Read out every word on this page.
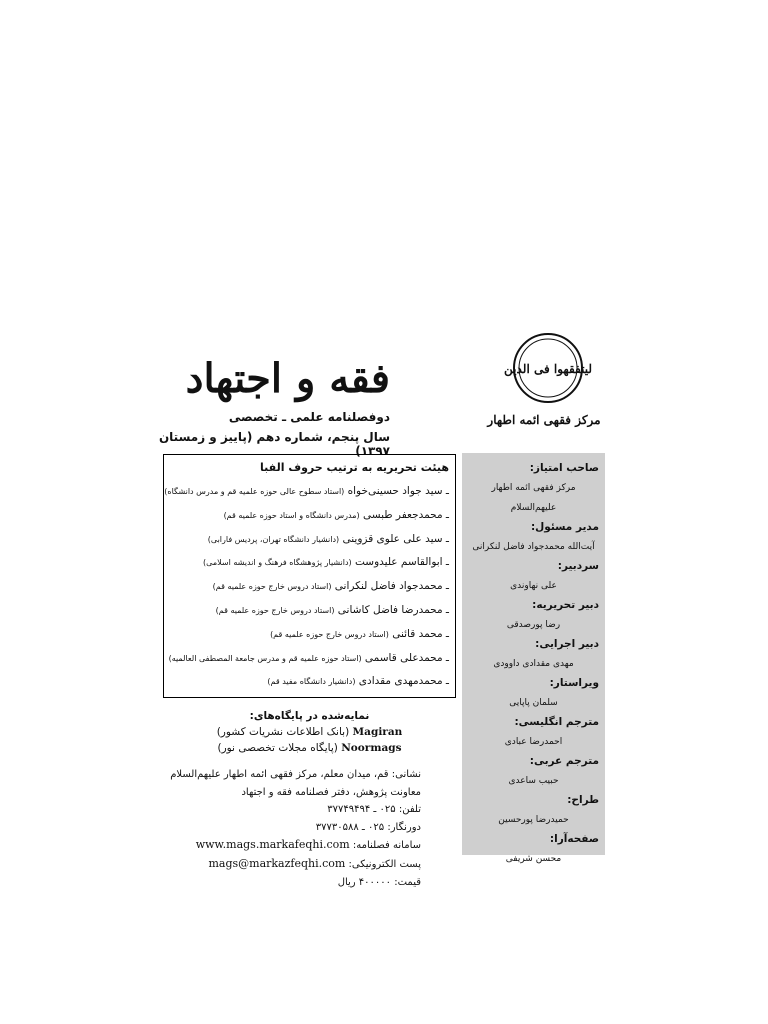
لیتفقهوا فی الدین
مرکز فقهی ائمه اطهار
فقه و اجتهاد
دوفصلنامه علمی ـ تخصصی
سال پنجم، شماره دهم (پاییز و زمستان ۱۳۹۷)
هیئت تحریریه به ترتیب حروف الفبا
ـ سید جواد حسینی‌خواه (استاد سطوح عالی حوزه علمیه قم و مدرس دانشگاه)
ـ محمدجعفر طبسی (مدرس دانشگاه و استاد حوزه علمیه قم)
ـ سید علی علوی قزوینی (دانشیار دانشگاه تهران، پردیس فارابی)
ـ ابوالقاسم علیدوست (دانشیار پژوهشگاه فرهنگ و اندیشه اسلامی)
ـ محمدجواد فاضل لنکرانی (استاد دروس خارج حوزه علمیه قم)
ـ محمدرضا فاضل کاشانی (استاد دروس خارج حوزه علمیه قم)
ـ محمد قائنی (استاد دروس خارج حوزه علمیه قم)
ـ محمدعلی قاسمی (استاد حوزه علمیه قم و مدرس جامعة المصطفی العالمیه)
ـ محمدمهدی مقدادی (دانشیار دانشگاه مفید قم)
صاحب امتیاز:
مرکز فقهی ائمه اطهار علیهم‌السلام
مدیر مسئول:
آیت‌الله محمدجواد فاضل لنکرانی
سردبیر:
علی نهاوندی
دبیر تحریریه:
رضا پورصدقی
دبیر اجرایی:
مهدی مقدادی داوودی
ویراستار:
سلمان پاپایی
مترجم انگلیسی:
احمدرضا عبادی
مترجم عربی:
حبیب ساعدی
طراح:
حمیدرضا پورحسین
صفحه‌آرا:
محسن شریفی
نمایه‌شده در پایگاه‌های:
Magiran (بانک اطلاعات نشریات کشور)
Noormags (پایگاه مجلات تخصصی نور)
نشانی: قم، میدان معلم، مرکز فقهی ائمه اطهار علیهم‌السلام
معاونت پژوهش، دفتر فصلنامه فقه و اجتهاد
تلفن: ۰۲۵ ـ ۳۷۷۴۹۴۹۴
دورنگار: ۰۲۵ ـ ۳۷۷۳۰۵۸۸
سامانه فصلنامه: www.mags.markafeqhi.com
پست الکترونیکی: mags@markazfeqhi.com
قیمت: ۴۰۰۰۰۰ ریال
